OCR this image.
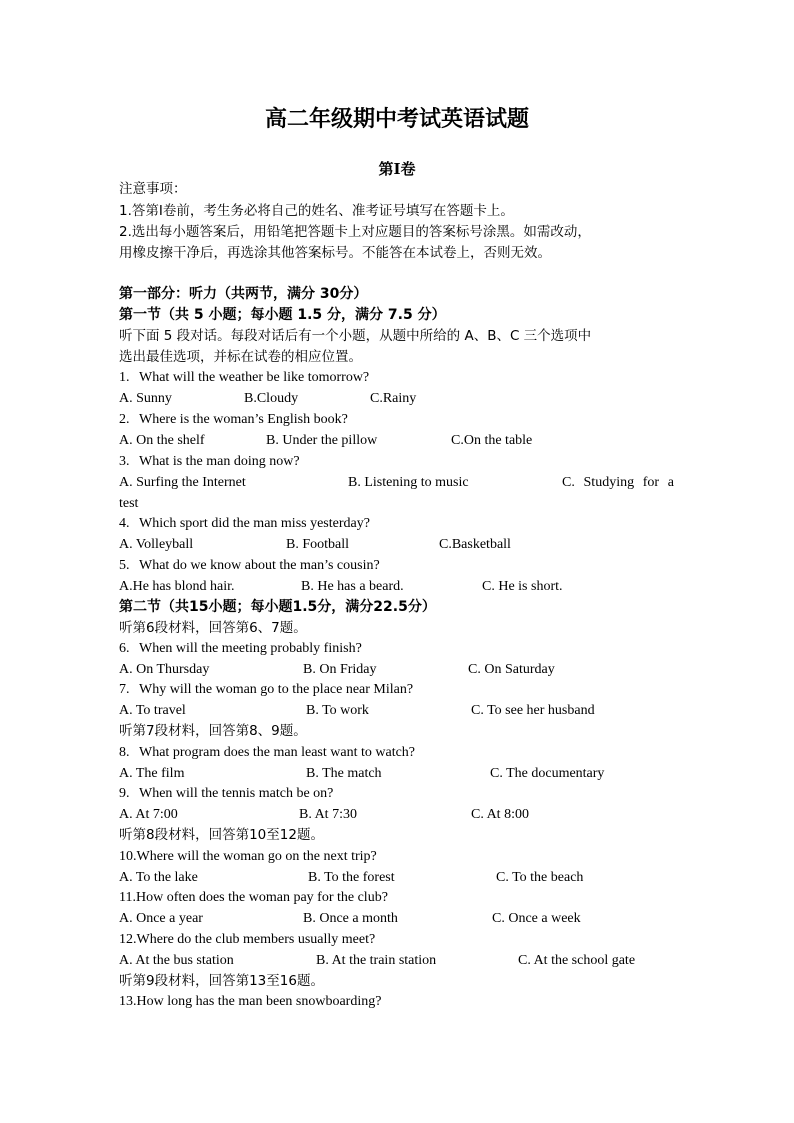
高二年级期中考试英语试题
第Ⅰ卷
注意事项：
1.答第Ⅰ卷前，考生务必将自己的姓名、准考证号填写在答题卡上。
2.选出每小题答案后，用铅笔把答题卡上对应题目的答案标号涂黑。如需改动，
用橡皮擦干净后，再选涂其他答案标号。不能答在本试卷上，否则无效。
第一部分：听力（共两节，满分 30分）
第一节（共 5 小题；每小题 1.5 分，满分 7.5 分）
听下面 5 段对话。每段对话后有一个小题，从题中所给的 A、B、C 三个选项中
选出最佳选项，并标在试卷的相应位置。
1. What will the weather be like tomorrow?
A. Sunny	B.Cloudy	C.Rainy
2. Where is the woman’s English book?
A. On the shelf	B. Under the pillow	C.On the table
3. What is the man doing now?
A. Surfing the Internet	B. Listening to music	C. Studying for a
test
4. Which sport did the man miss yesterday?
A. Volleyball	B. Football	C.Basketball
5. What do we know about the man’s cousin?
A.He has blond hair.	B. He has a beard.	C. He is short.
第二节（共15小题；每小题1.5分，满分22.5分）
听第6段材料，回答第6、7题。
6. When will the meeting probably finish?
A. On Thursday	B. On Friday	C. On Saturday
7. Why will the woman go to the place near Milan?
A. To travel	B. To work	C. To see her husband
听第7段材料，回答第8、9题。
8. What program does the man least want to watch?
A. The film	B. The match	C. The documentary
9. When will the tennis match be on?
A. At 7:00	B. At 7:30	C. At 8:00
听第8段材料，回答第10至12题。
10.Where will the woman go on the next trip?
A. To the lake	B. To the forest	C. To the beach
11.How often does the woman pay for the club?
A. Once a year	B. Once a month	C. Once a week
12.Where do the club members usually meet?
A. At the bus station	B. At the train station	C. At the school gate
听第9段材料，回答第13至16题。
13.How long has the man been snowboarding?
